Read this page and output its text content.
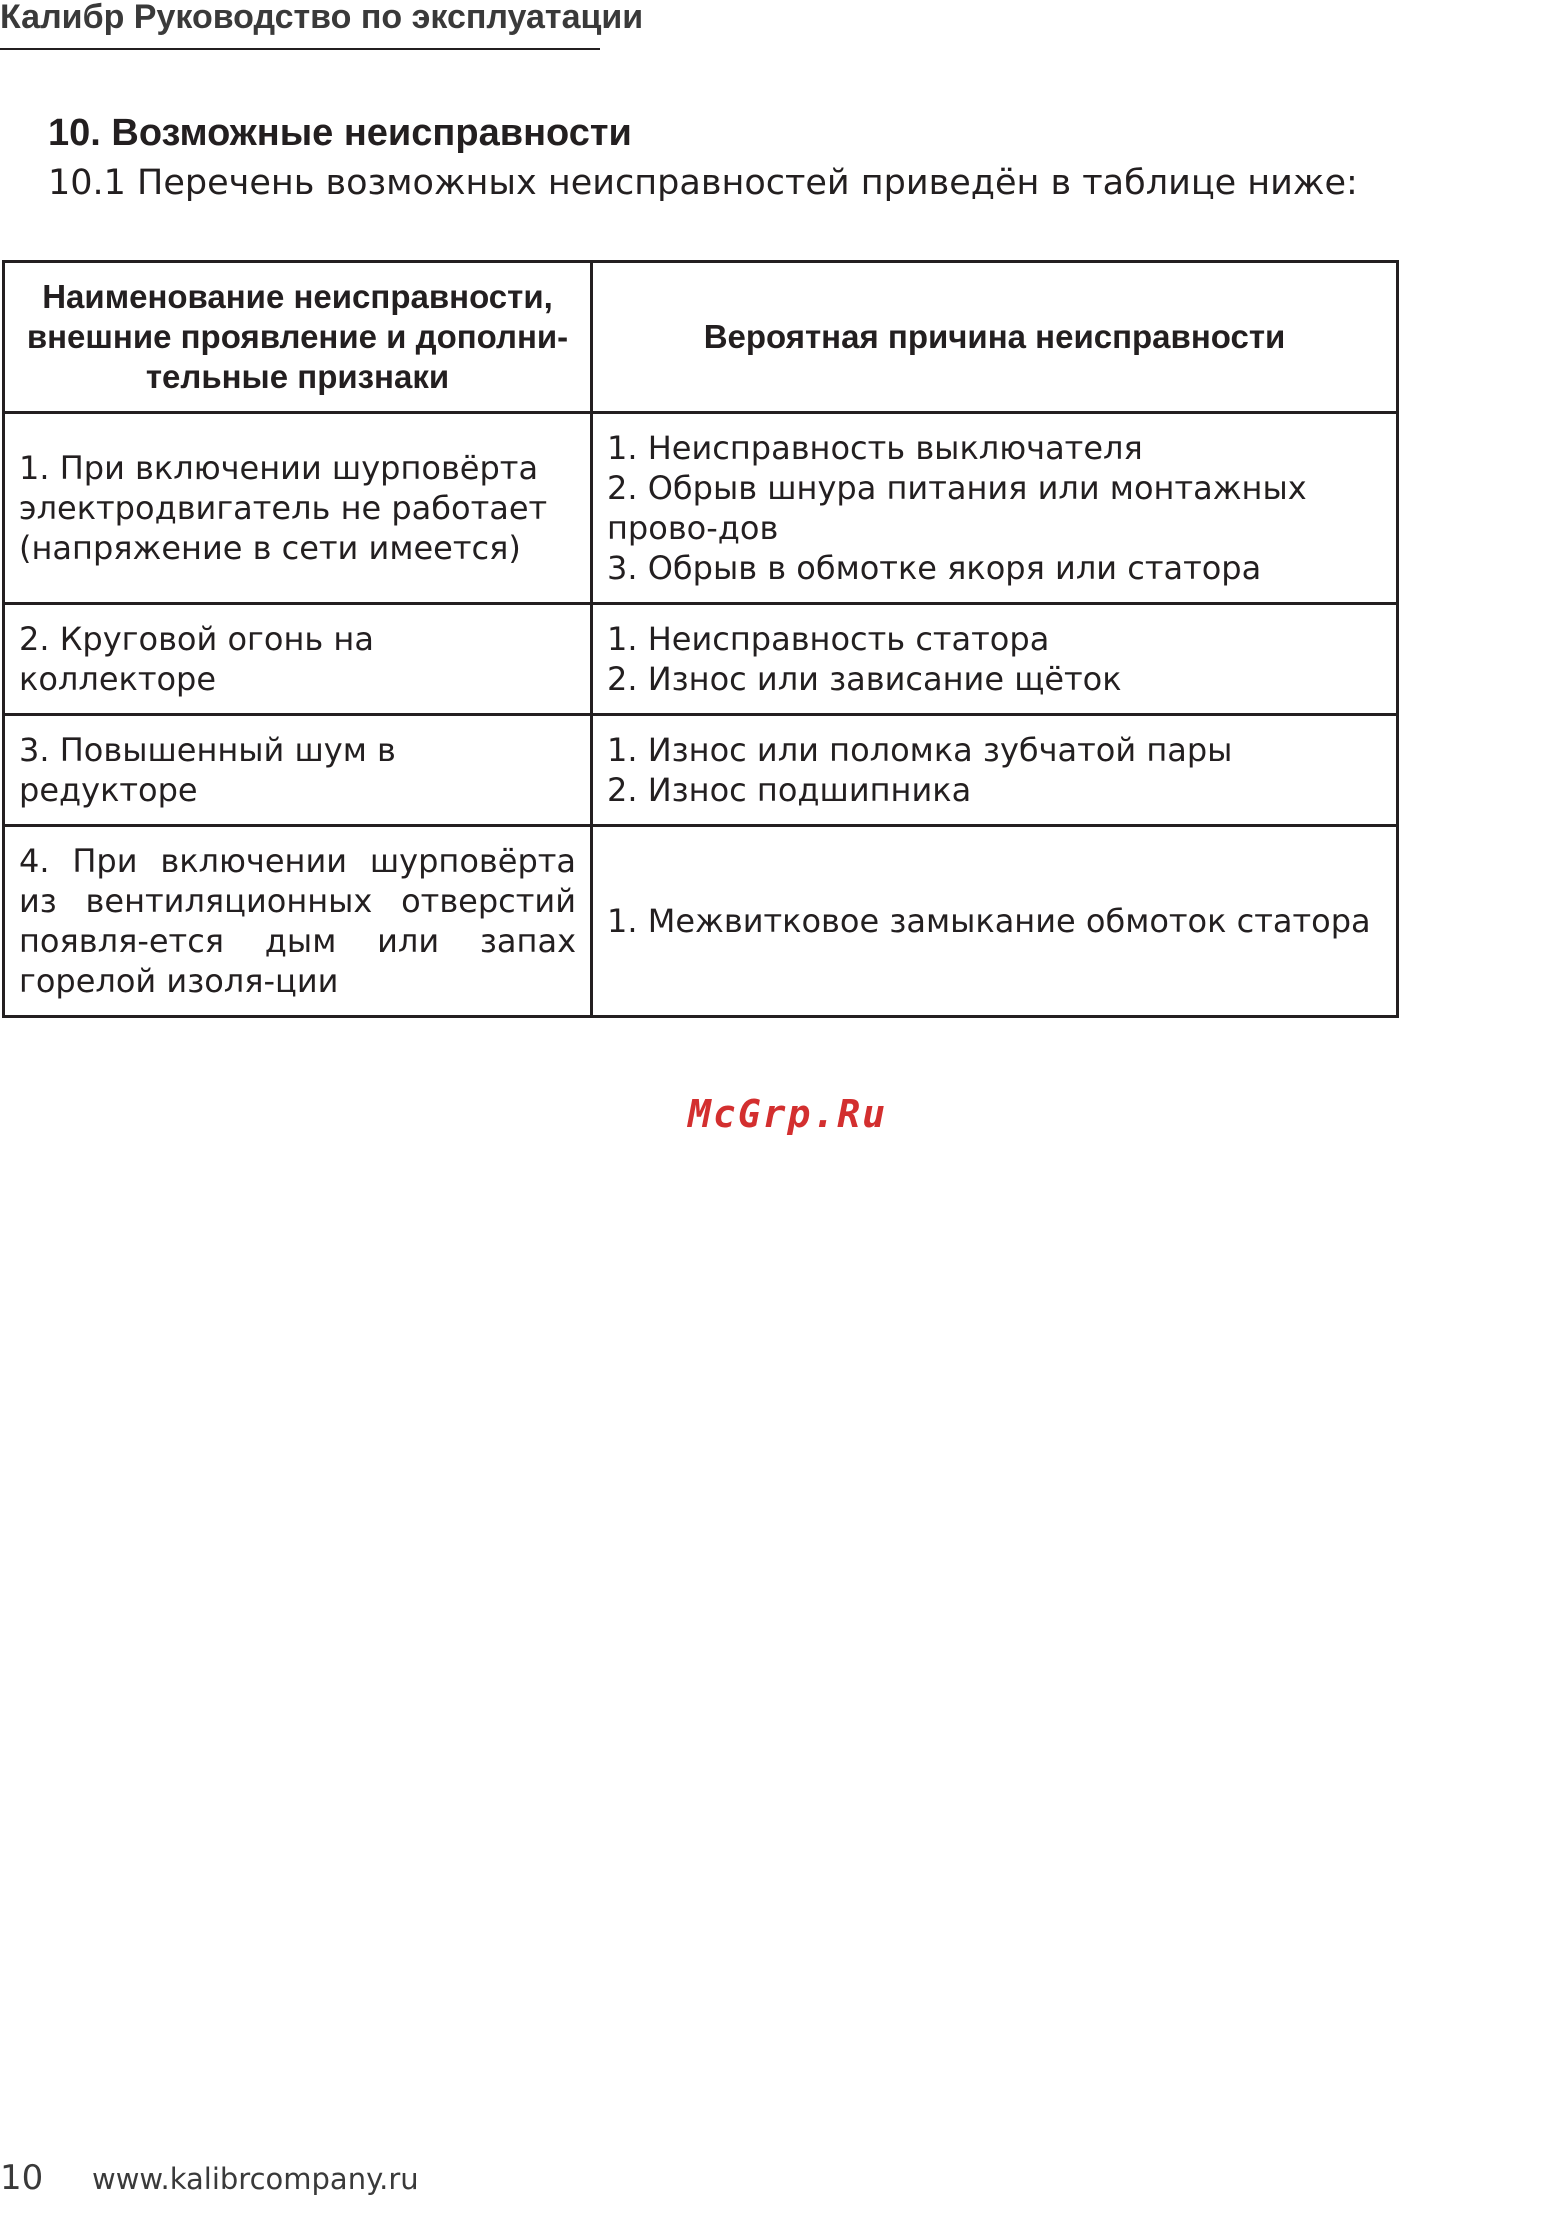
Калибр Руководство по эксплуатации
10. Возможные неисправности
10.1 Перечень возможных неисправностей приведён в таблице ниже:
Наименование неисправности, внешние проявление и дополни-тельные признаки	Вероятная причина неисправности
1. При включении шурповёрта электродвигатель не работает (напряжение в сети имеется)	1. Неисправность выключателя
2. Обрыв шнура питания или монтажных прово-дов
3. Обрыв в обмотке якоря или статора

2. Круговой огонь на коллекторе	1. Неисправность статора
2. Износ или зависание щёток

3. Повышенный шум в редукторе	1. Износ или поломка зубчатой пары
2. Износ подшипника

4. При включении шурповёрта из вентиляционных отверстий появля-ется дым или запах горелой изоля-ции	1. Межвитковое замыкание обмоток статора
McGrp.Ru
10 www.kalibrcompany.ru
